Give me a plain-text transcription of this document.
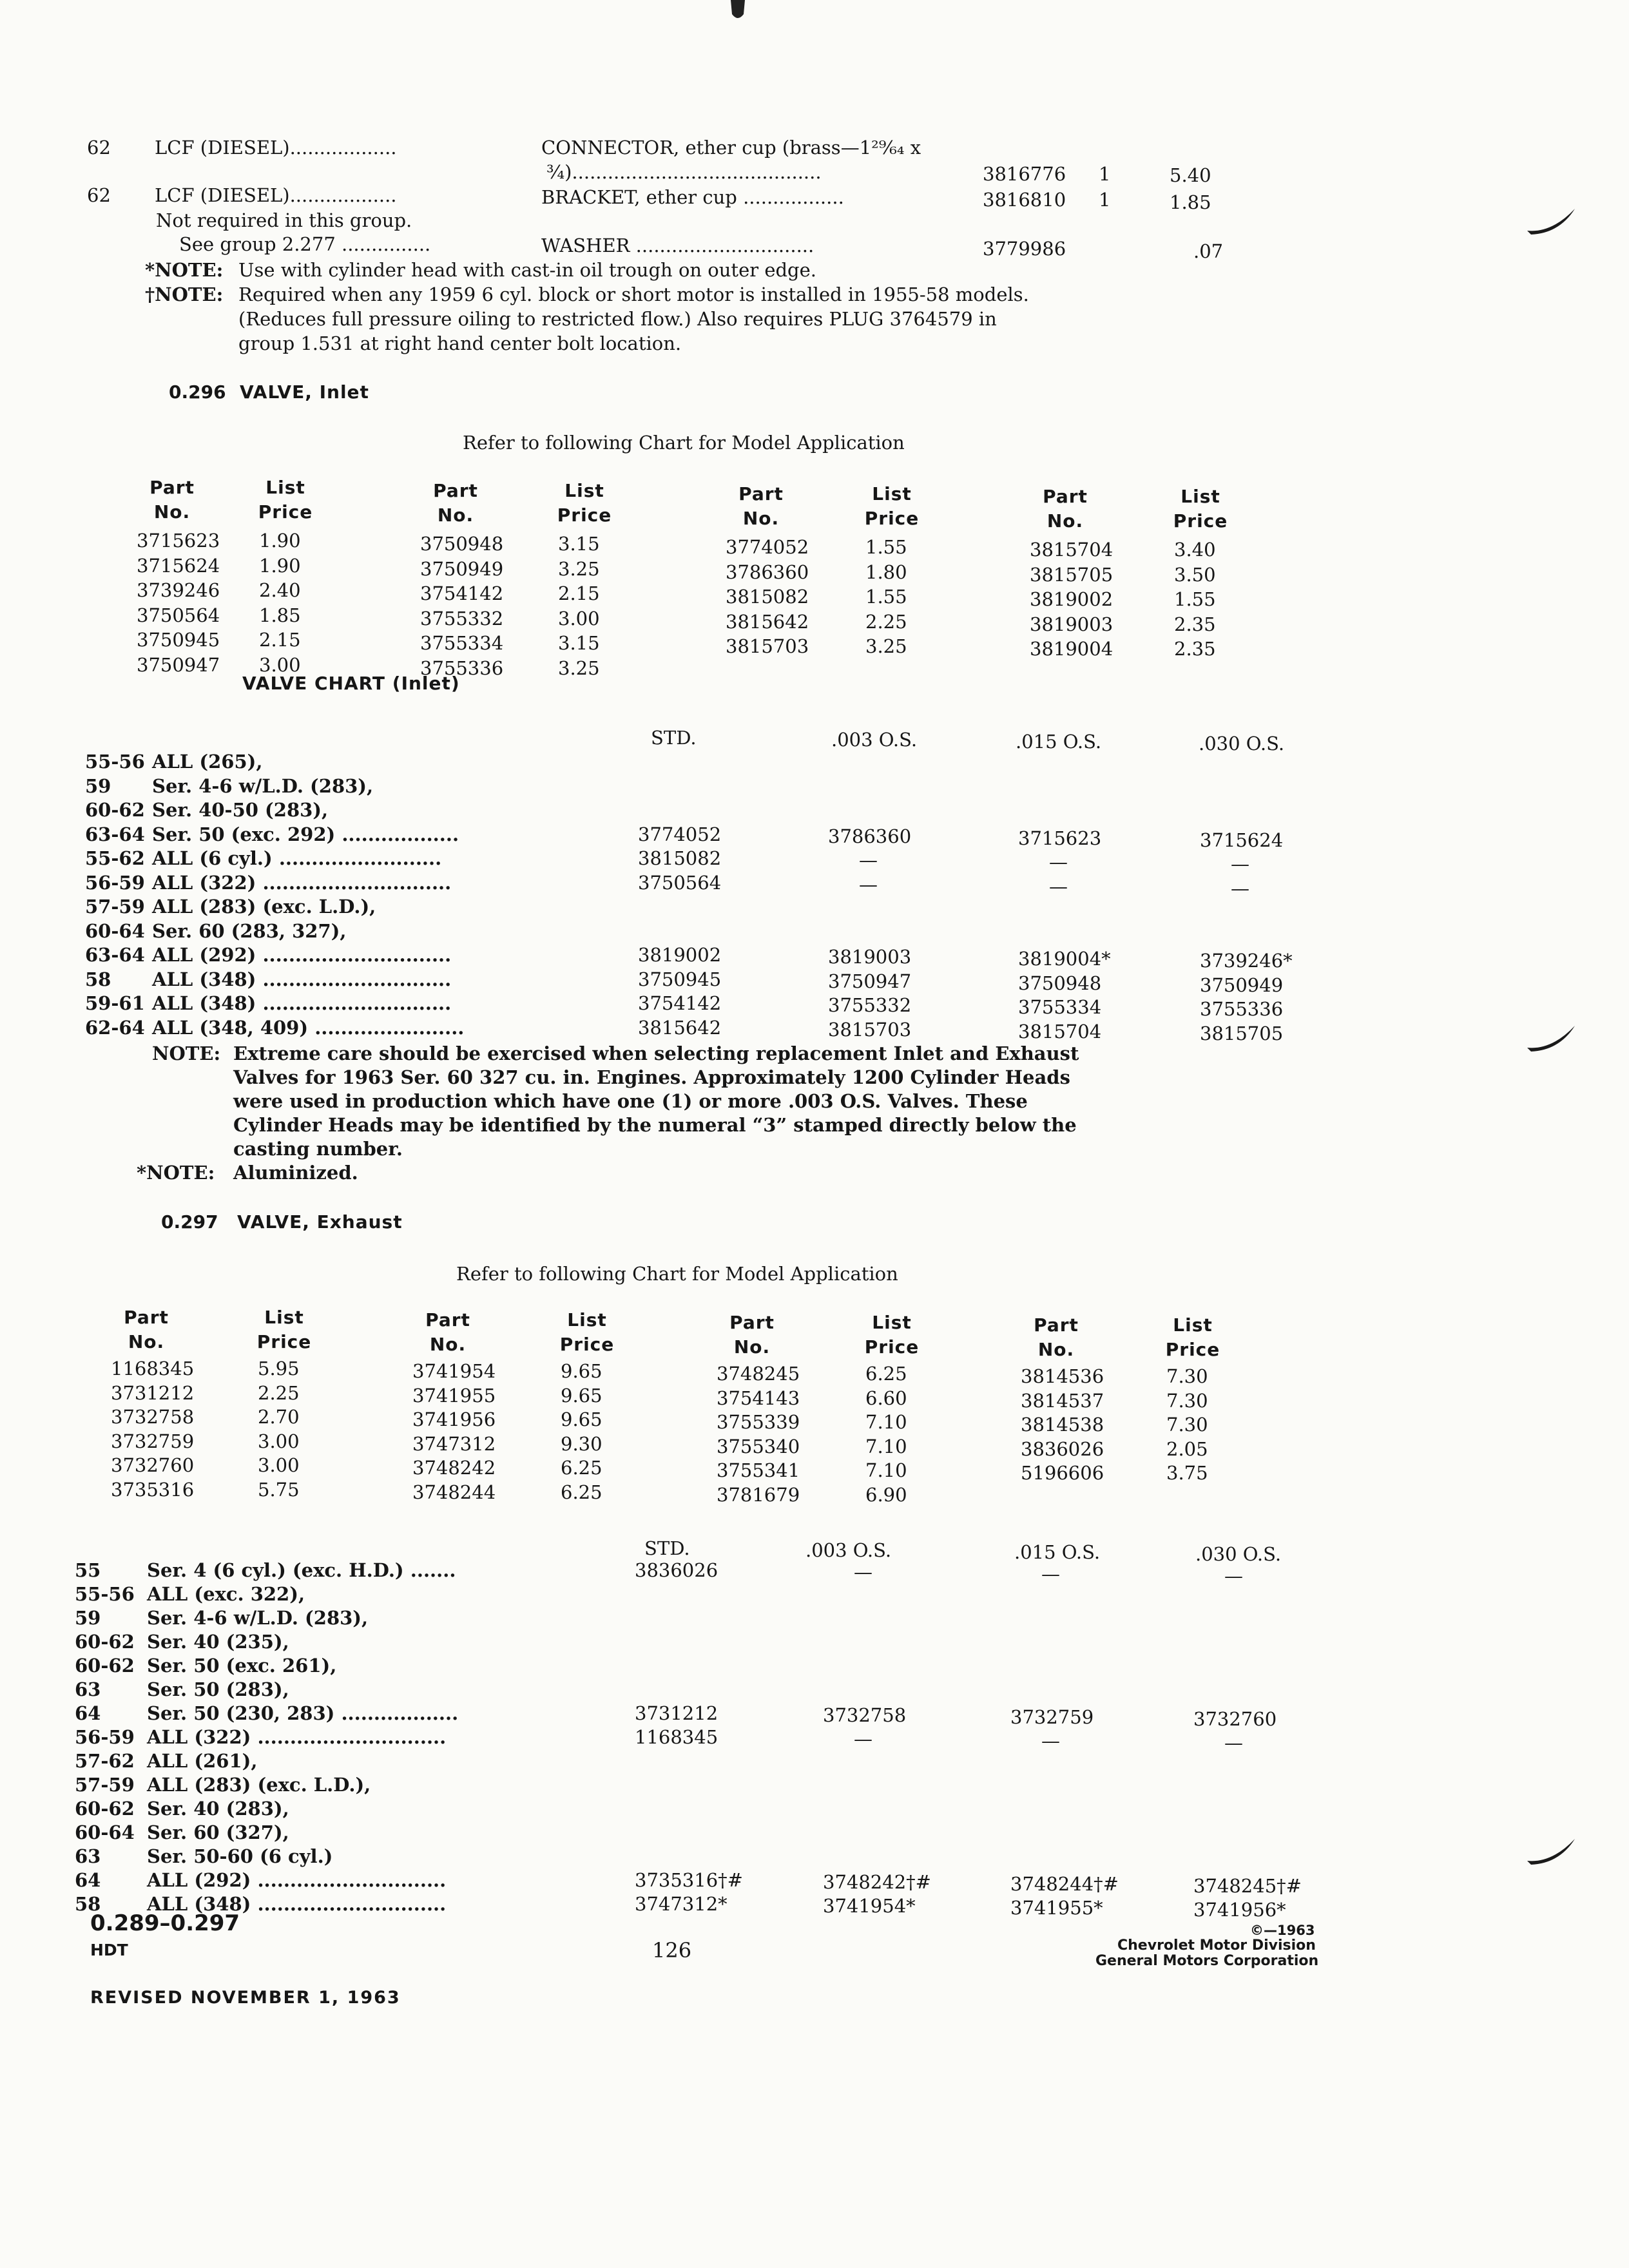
62 LCF (DIESEL)..................	CONNECTOR, ether cup (brass—1²⁹⁄₆₄ x
¾)..........................................	3816776 1	5.40
62 LCF (DIESEL)..................	BRACKET, ether cup .................	3816810 1	1.85
Not required in this group.
See group 2.277 ...............	WASHER ..............................	3779986	.07
*NOTE: Use with cylinder head with cast-in oil trough on outer edge.
†NOTE: Required when any 1959 6 cyl. block or short motor is installed in 1955-58 models.
(Reduces full pressure oiling to restricted flow.) Also requires PLUG 3764579 in
group 1.531 at right hand center bolt location.
0.296 VALVE, Inlet
Refer to following Chart for Model Application
Part
No.
List
Price
3715623 1.90
3715624 1.90
3739246 2.40
3750564 1.85
3750945 2.15
3750947 3.00
Part
No.
List
Price
3750948	3.15
3750949	3.25
3754142	2.15
3755332	3.00
3755334	3.15
3755336	3.25
Part
No.
List
Price
3774052	1.55
3786360	1.80
3815082	1.55
3815642	2.25
3815703	3.25
Part
No.
List
Price
3815704	3.40
3815705	3.50
3819002	1.55
3819003	2.35
3819004	2.35
VALVE CHART (Inlet)
STD.	.003 O.S.	.015 O.S.	.030 O.S.
55-56 ALL (265),
59 Ser. 4-6 w/L.D. (283),
60-62 Ser. 40-50 (283),
63-64 Ser. 50 (exc. 292) ..................	3774052	3786360	3715623	3715624
55-62 ALL (6 cyl.) .........................	3815082	—	—	—
56-59 ALL (322) .............................	3750564	—	—	—
57-59 ALL (283) (exc. L.D.),
60-64 Ser. 60 (283, 327),
63-64 ALL (292) .............................	3819002	3819003	3819004*	3739246*
58 ALL (348) .............................	3750945	3750947	3750948	3750949
59-61 ALL (348) .............................	3754142	3755332	3755334	3755336
62-64 ALL (348, 409) .......................	3815642	3815703	3815704	3815705
NOTE: Extreme care should be exercised when selecting replacement Inlet and Exhaust
Valves for 1963 Ser. 60 327 cu. in. Engines. Approximately 1200 Cylinder Heads
were used in production which have one (1) or more .003 O.S. Valves. These
Cylinder Heads may be identified by the numeral “3” stamped directly below the
casting number.
*NOTE: Aluminized.
0.297 VALVE, Exhaust
Refer to following Chart for Model Application
Part
No.
List
Price
1168345	5.95
3731212	2.25
3732758	2.70
3732759	3.00
3732760	3.00
3735316	5.75
Part
No.
List
Price
3741954	9.65
3741955	9.65
3741956	9.65
3747312	9.30
3748242	6.25
3748244	6.25
Part
No.
List
Price
3748245	6.25
3754143	6.60
3755339	7.10
3755340	7.10
3755341	7.10
3781679	6.90
Part
No.
List
Price
3814536	7.30
3814537	7.30
3814538	7.30
3836026	2.05
5196606	3.75
STD.	.003 O.S.	.015 O.S.	.030 O.S.
55 Ser. 4 (6 cyl.) (exc. H.D.) .......	3836026	—	—	—
55-56 ALL (exc. 322),
59 Ser. 4-6 w/L.D. (283),
60-62 Ser. 40 (235),
60-62 Ser. 50 (exc. 261),
63 Ser. 50 (283),
64 Ser. 50 (230, 283) ..................	3731212	3732758	3732759	3732760
56-59 ALL (322) .............................	1168345	—	—	—
57-62 ALL (261),
57-59 ALL (283) (exc. L.D.),
60-62 Ser. 40 (283),
60-64 Ser. 60 (327),
63 Ser. 50-60 (6 cyl.)
64 ALL (292) .............................	3735316†#	3748242†#	3748244†#	3748245†#
58 ALL (348) .............................	3747312*	3741954*	3741955*	3741956*
0.289–0.297
HDT	126
©—1963
Chevrolet Motor Division
General Motors Corporation
REVISED NOVEMBER 1, 1963
